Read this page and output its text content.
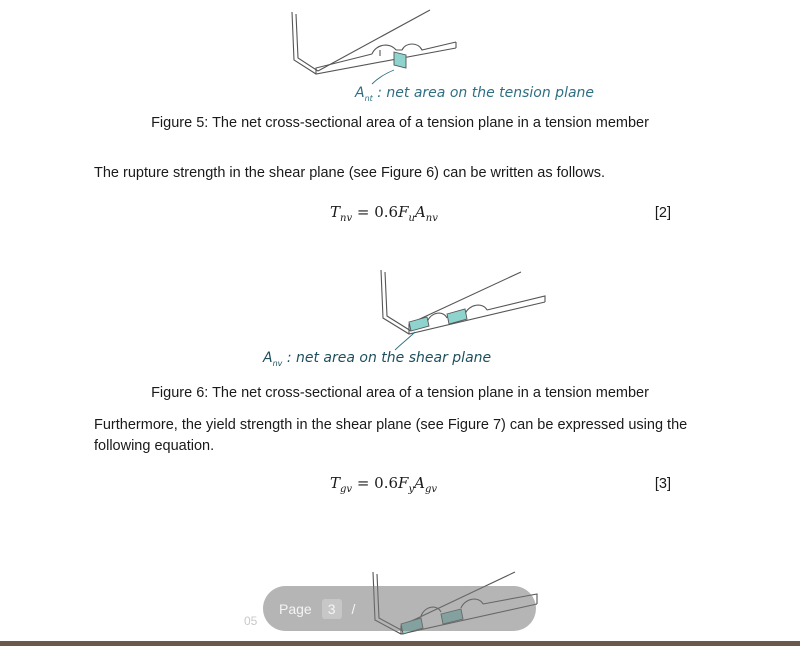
$A_{nt}$ : net area on the tension plane
Figure 5: The net cross-sectional area of a tension plane in a tension member
The rupture strength in the shear plane (see Figure 6) can be written as follows.
$T_{nv} = 0.6F_uA_{nv}$	[2]
$A_{nv}$ : net area on the shear plane
Figure 6: The net cross-sectional area of a tension plane in a tension member
Furthermore, the yield strength in the shear plane (see Figure 7) can be expressed using the following equation.
$T_{gv} = 0.6F_yA_{gv}$	[3]
05
Page	3	/
